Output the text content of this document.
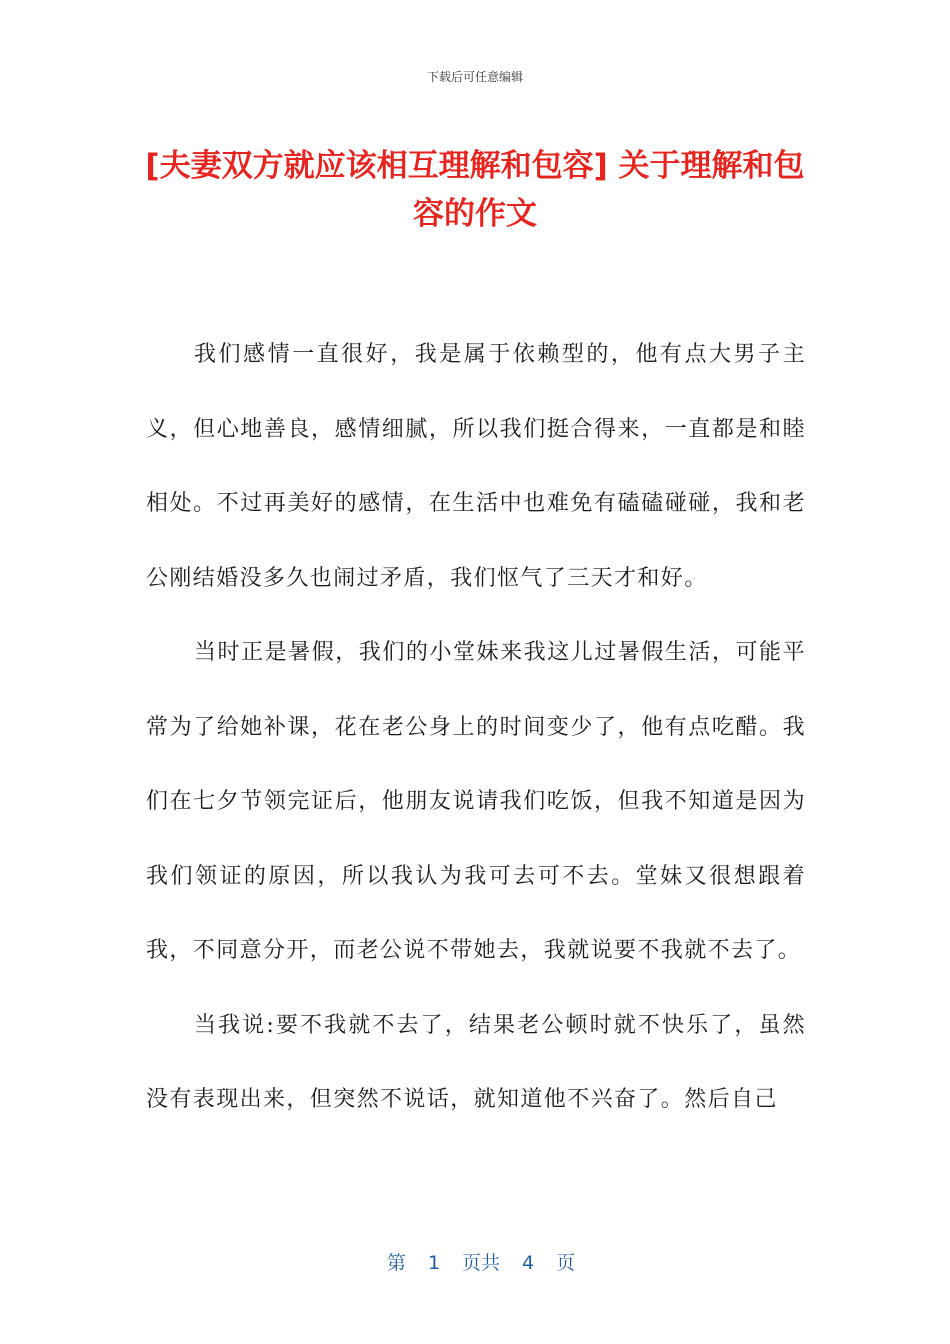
下载后可任意编辑
[夫妻双方就应该相互理解和包容] 关于理解和包容的作文

我们感情一直很好，我是属于依赖型的，他有点大男子主义，但心地善良，感情细腻，所以我们挺合得来，一直都是和睦相处。不过再美好的感情，在生活中也难免有磕磕碰碰，我和老公刚结婚没多久也闹过矛盾，我们怄气了三天才和好。

当时正是暑假，我们的小堂妹来我这儿过暑假生活，可能平常为了给她补课，花在老公身上的时间变少了，他有点吃醋。我们在七夕节领完证后，他朋友说请我们吃饭，但我不知道是因为我们领证的原因，所以我认为我可去可不去。堂妹又很想跟着我，不同意分开，而老公说不带她去，我就说要不我就不去了。

当我说:要不我就不去了，结果老公顿时就不快乐了，虽然没有表现出来，但突然不说话，就知道他不兴奋了。然后自己

第 1 页共 4 页
